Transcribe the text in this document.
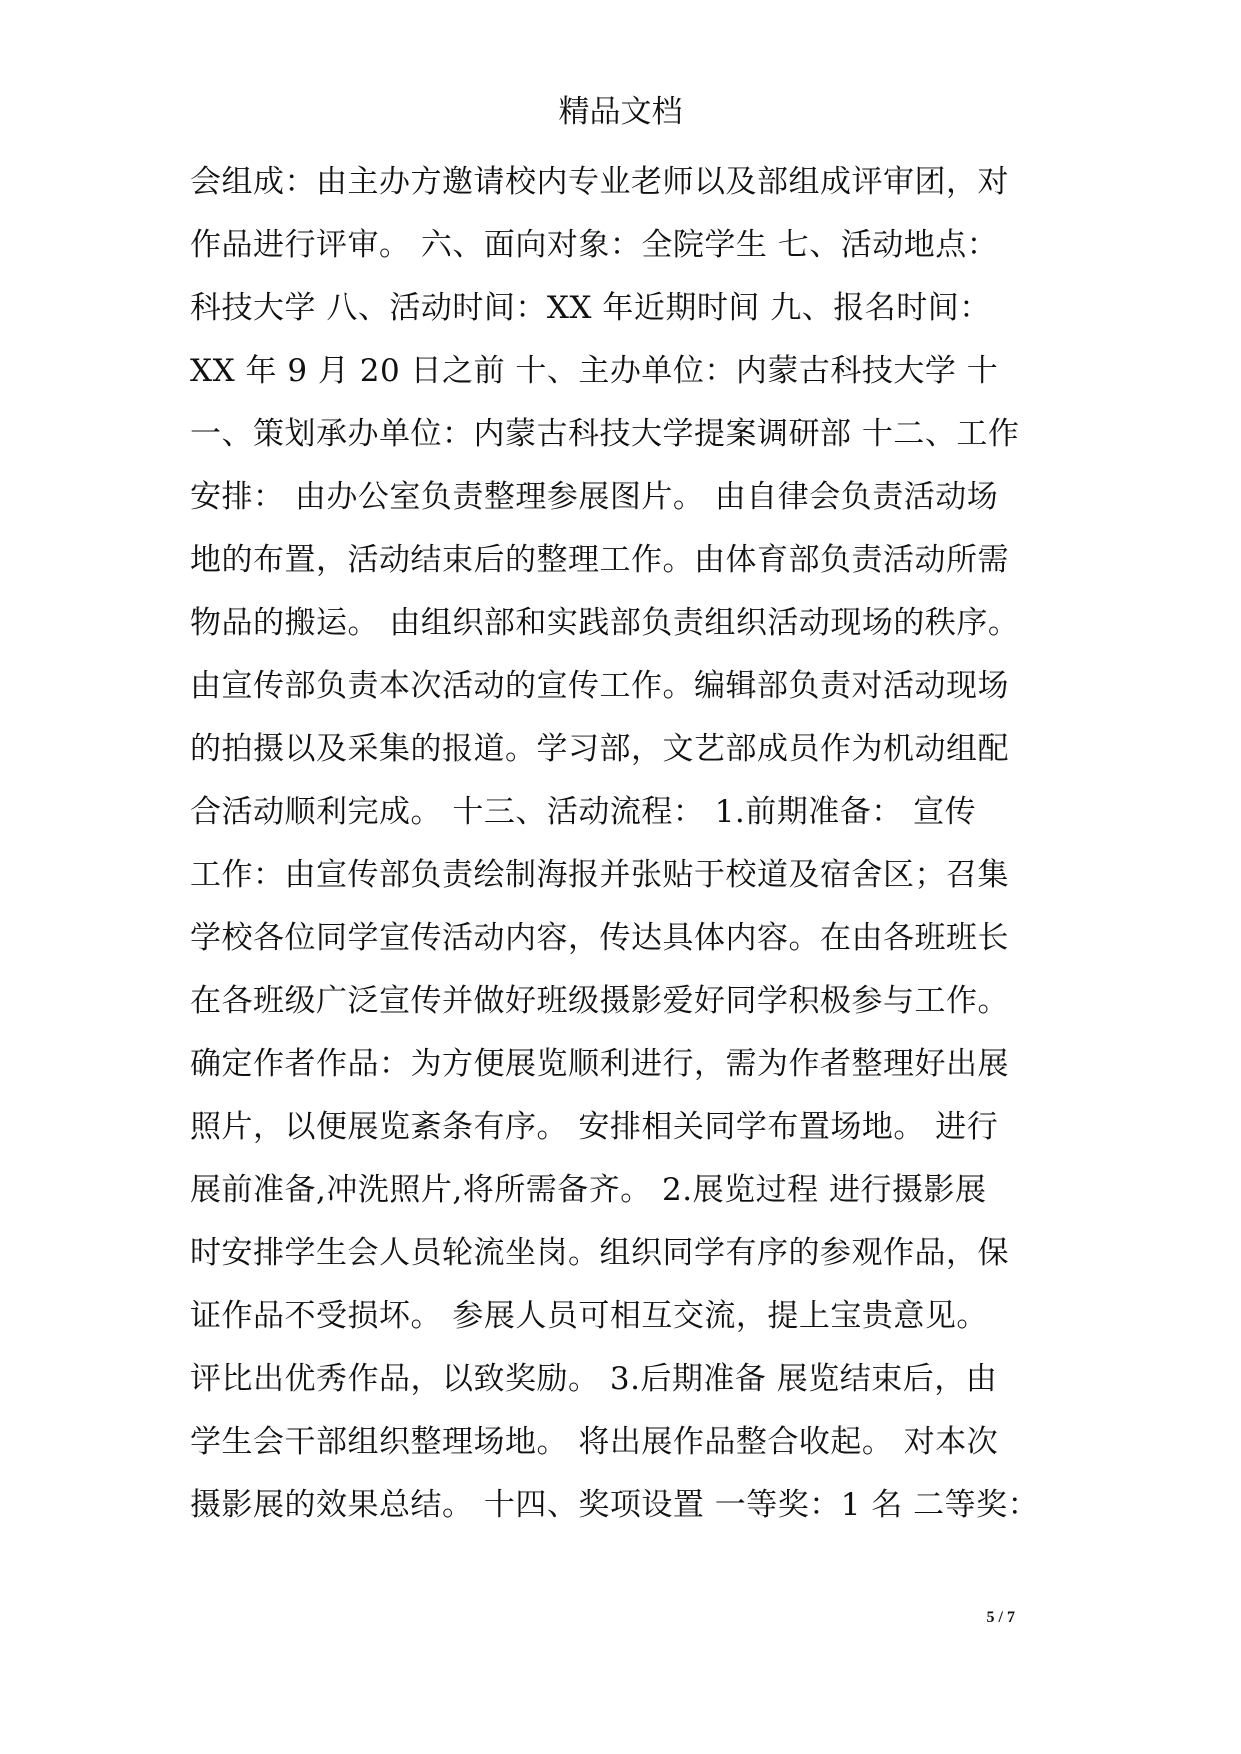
精品文档
会组成：由主办方邀请校内专业老师以及部组成评审团，对
作品进行评审。 六、面向对象：全院学生 七、活动地点：
科技大学 八、活动时间：XX 年近期时间 九、报名时间：
XX 年 9 月 20 日之前 十、主办单位：内蒙古科技大学 十
一、策划承办单位：内蒙古科技大学提案调研部 十二、工作
安排： 由办公室负责整理参展图片。 由自律会负责活动场
地的布置，活动结束后的整理工作。由体育部负责活动所需
物品的搬运。 由组织部和实践部负责组织活动现场的秩序。
由宣传部负责本次活动的宣传工作。编辑部负责对活动现场
的拍摄以及采集的报道。学习部，文艺部成员作为机动组配
合活动顺利完成。 十三、活动流程： 1.前期准备： 宣传
工作：由宣传部负责绘制海报并张贴于校道及宿舍区；召集
学校各位同学宣传活动内容，传达具体内容。在由各班班长
在各班级广泛宣传并做好班级摄影爱好同学积极参与工作。
确定作者作品：为方便展览顺利进行，需为作者整理好出展
照片，以便展览紊条有序。 安排相关同学布置场地。 进行
展前准备,冲洗照片,将所需备齐。 2.展览过程 进行摄影展
时安排学生会人员轮流坐岗。组织同学有序的参观作品，保
证作品不受损坏。 参展人员可相互交流，提上宝贵意见。
评比出优秀作品，以致奖励。 3.后期准备 展览结束后，由
学生会干部组织整理场地。 将出展作品整合收起。 对本次
摄影展的效果总结。 十四、奖项设置 一等奖：1 名 二等奖：
5 / 7
